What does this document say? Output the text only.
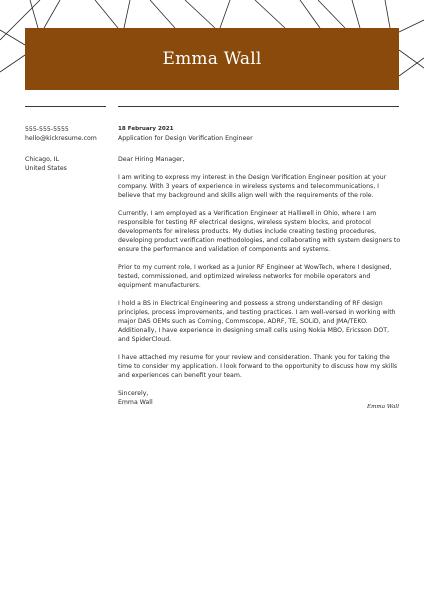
Emma Wall
555-555-5555
hello@kickresume.com
Chicago, IL
United States
18 February 2021
Application for Design Verification Engineer

Dear Hiring Manager,

I am writing to express my interest in the Design Verification Engineer position at your company. With 3 years of experience in wireless systems and telecommunications, I believe that my background and skills align well with the requirements of the role.

Currently, I am employed as a Verification Engineer at Halliwell in Ohio, where I am responsible for testing RF electrical designs, wireless system blocks, and protocol developments for wireless products. My duties include creating testing procedures, developing product verification methodologies, and collaborating with system designers to ensure the performance and validation of components and systems.

Prior to my current role, I worked as a Junior RF Engineer at WowTech, where I designed, tested, commissioned, and optimized wireless networks for mobile operators and equipment manufacturers.

I hold a BS in Electrical Engineering and possess a strong understanding of RF design principles, process improvements, and testing practices. I am well-versed in working with major DAS OEMs such as Corning, Commscope, ADRF, TE, SOLiD, and JMA/TEKO. Additionally, I have experience in designing small cells using Nokia MBO, Ericsson DOT, and SpiderCloud.

I have attached my resume for your review and consideration. Thank you for taking the time to consider my application. I look forward to the opportunity to discuss how my skills and experiences can benefit your team.

Sincerely,
Emma Wall
Emma Wall
